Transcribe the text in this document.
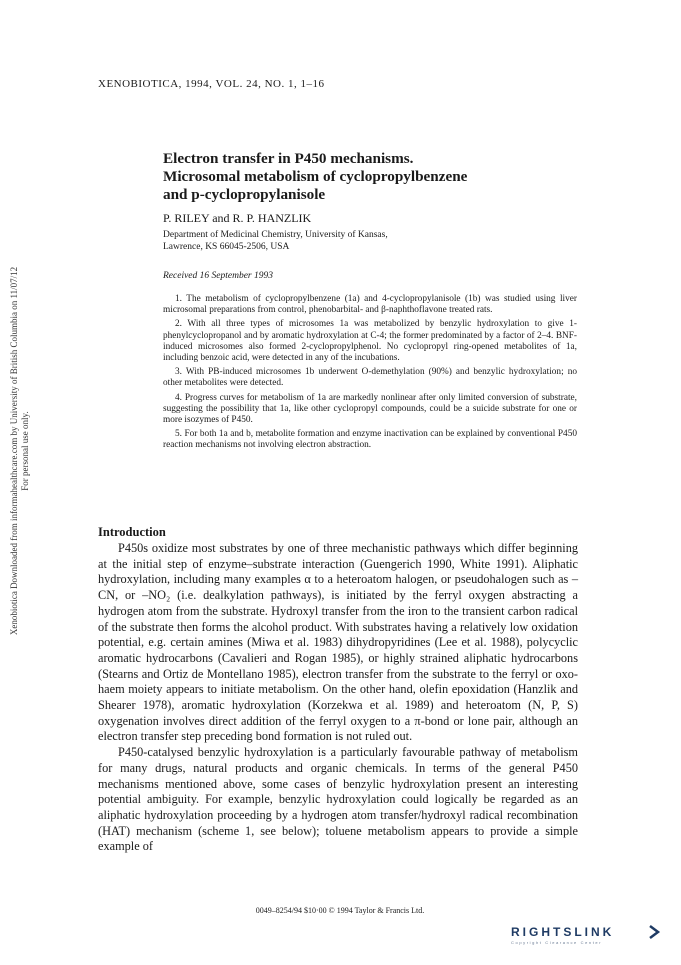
Xenobiotica Downloaded from informahealthcare.com by University of British Columbia on 11/07/12 For personal use only.
XENOBIOTICA, 1994, VOL. 24, NO. 1, 1–16
Electron transfer in P450 mechanisms.
Microsomal metabolism of cyclopropylbenzene
and p-cyclopropylanisole
P. RILEY and R. P. HANZLIK
Department of Medicinal Chemistry, University of Kansas,
Lawrence, KS 66045-2506, USA
Received 16 September 1993

1. The metabolism of cyclopropylbenzene (1a) and 4-cyclopropylanisole (1b) was studied using liver microsomal preparations from control, phenobarbital- and β-naphthoflavone treated rats.

2. With all three types of microsomes 1a was metabolized by benzylic hydroxylation to give 1-phenylcyclopropanol and by aromatic hydroxylation at C-4; the former predominated by a factor of 2–4. BNF-induced microsomes also formed 2-cyclopropylphenol. No cyclopropyl ring-opened metabolites of 1a, including benzoic acid, were detected in any of the incubations.

3. With PB-induced microsomes 1b underwent O-demethylation (90%) and benzylic hydroxylation; no other metabolites were detected.

4. Progress curves for metabolism of 1a are markedly nonlinear after only limited conversion of substrate, suggesting the possibility that 1a, like other cyclopropyl compounds, could be a suicide substrate for one or more isozymes of P450.

5. For both 1a and b, metabolite formation and enzyme inactivation can be explained by conventional P450 reaction mechanisms not involving electron abstraction.

Introduction

P450s oxidize most substrates by one of three mechanistic pathways which differ beginning at the initial step of enzyme–substrate interaction (Guengerich 1990, White 1991). Aliphatic hydroxylation, including many examples α to a heteroatom halogen, or pseudohalogen such as –CN, or –NO₂ (i.e. dealkylation pathways), is initiated by the ferryl oxygen abstracting a hydrogen atom from the substrate. Hydroxyl transfer from the iron to the transient carbon radical of the substrate then forms the alcohol product. With substrates having a relatively low oxidation potential, e.g. certain amines (Miwa et al. 1983) dihydropyridines (Lee et al. 1988), polycyclic aromatic hydrocarbons (Cavalieri and Rogan 1985), or highly strained aliphatic hydrocarbons (Stearns and Ortiz de Montellano 1985), electron transfer from the substrate to the ferryl or oxo-haem moiety appears to initiate metabolism. On the other hand, olefin epoxidation (Hanzlik and Shearer 1978), aromatic hydroxylation (Korzekwa et al. 1989) and heteroatom (N, P, S) oxygenation involves direct addition of the ferryl oxygen to a π-bond or lone pair, although an electron transfer step preceding bond formation is not ruled out.

P450-catalysed benzylic hydroxylation is a particularly favourable pathway of metabolism for many drugs, natural products and organic chemicals. In terms of the general P450 mechanisms mentioned above, some cases of benzylic hydroxylation present an interesting potential ambiguity. For example, benzylic hydroxylation could logically be regarded as an aliphatic hydroxylation proceeding by a hydrogen atom transfer/hydroxyl radical recombination (HAT) mechanism (scheme 1, see below); toluene metabolism appears to provide a simple example of

0049–8254/94 $10·00 © 1994 Taylor & Francis Ltd.
RIGHTSLINK
Copyright Clearance Center
